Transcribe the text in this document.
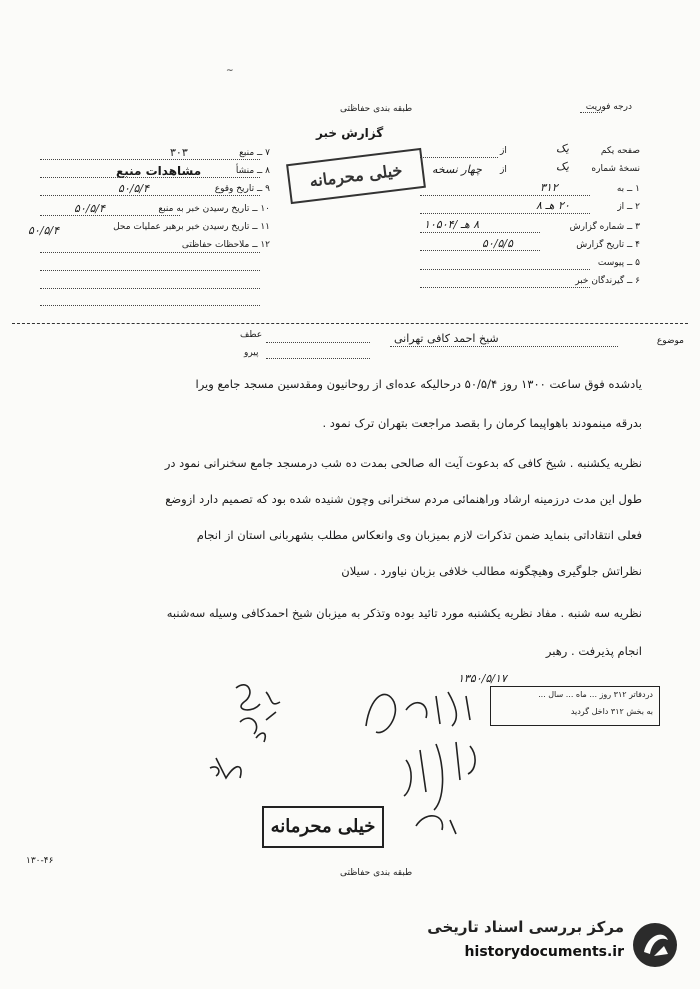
~
درجه فوریت
طبقه بندی حفاظتی
گزارش خبر
۷ ــ منبع
۳۰۳
۸ ــ منشأ
مشاهدات منبع
۹ ــ تاریخ وقوع
۵۰/۵/۴
۱۰ ــ تاریخ رسیدن خبر به منبع
۵۰/۵/۴
۱۱ ــ تاریخ رسیدن خبر برهبر عملیات محل
۵۰/۵/۴
۱۲ ــ ملاحظات حفاظتی
صفحه یکم
یک
از
نسخهٔ شماره
یک
از
چهار نسخه
۱ ــ به
۳۱۲
۲ ــ از
۲۰ هـ ۸
۳ ــ شماره گزارش
۸ هـ /۱۰۵۰۴
۴ ــ تاریخ گزارش
۵۰/۵/۵
۵ ــ پیوست
۶ ــ گیرندگان خبر
خیلی محرمانه
موضوع
شیخ احمد کافی تهرانی
عطف
پیرو
یادشده فوق ساعت ۱۳۰۰ روز ۵۰/۵/۴ درحالیکه عده‌ای از روحانیون ومقدسین مسجد جامع ویرا
بدرقه مینمودند باهواپیما کرمان را بقصد مراجعت بتهران ترک نمود .
نظریه یکشنبه . شیخ کافی که بدعوت آیت اله صالحی بمدت ده شب درمسجد جامع سخنرانی نمود در
طول این مدت درزمینه ارشاد وراهنمائی مردم سخنرانی وچون شنیده شده بود که تصمیم دارد ازوضع
فعلی انتقاداتی بنماید ضمن تذکرات لازم بمیزبان وی وانعکاس مطلب بشهربانی استان از انجام
نظراتش جلوگیری وهیچگونه مطالب خلافی بزبان نیاورد . سیلان
نظریه سه شنبه . مفاد نظریه یکشنبه مورد تائید بوده وتذکر به میزبان شیخ احمدکافی وسیله سه‌شنبه
انجام پذیرفت . رهبر
دردفاتر ۳۱۲ روز ... ماه ... سال ...
به بخش ۳۱۲ داخل گردید
۱۳۵۰/۵/۱۷
خیلی محرمانه
طبقه بندی حفاظتی
۱۳۰-۴۶
مرکز بررسی اسناد تاریخی
historydocuments.ir
